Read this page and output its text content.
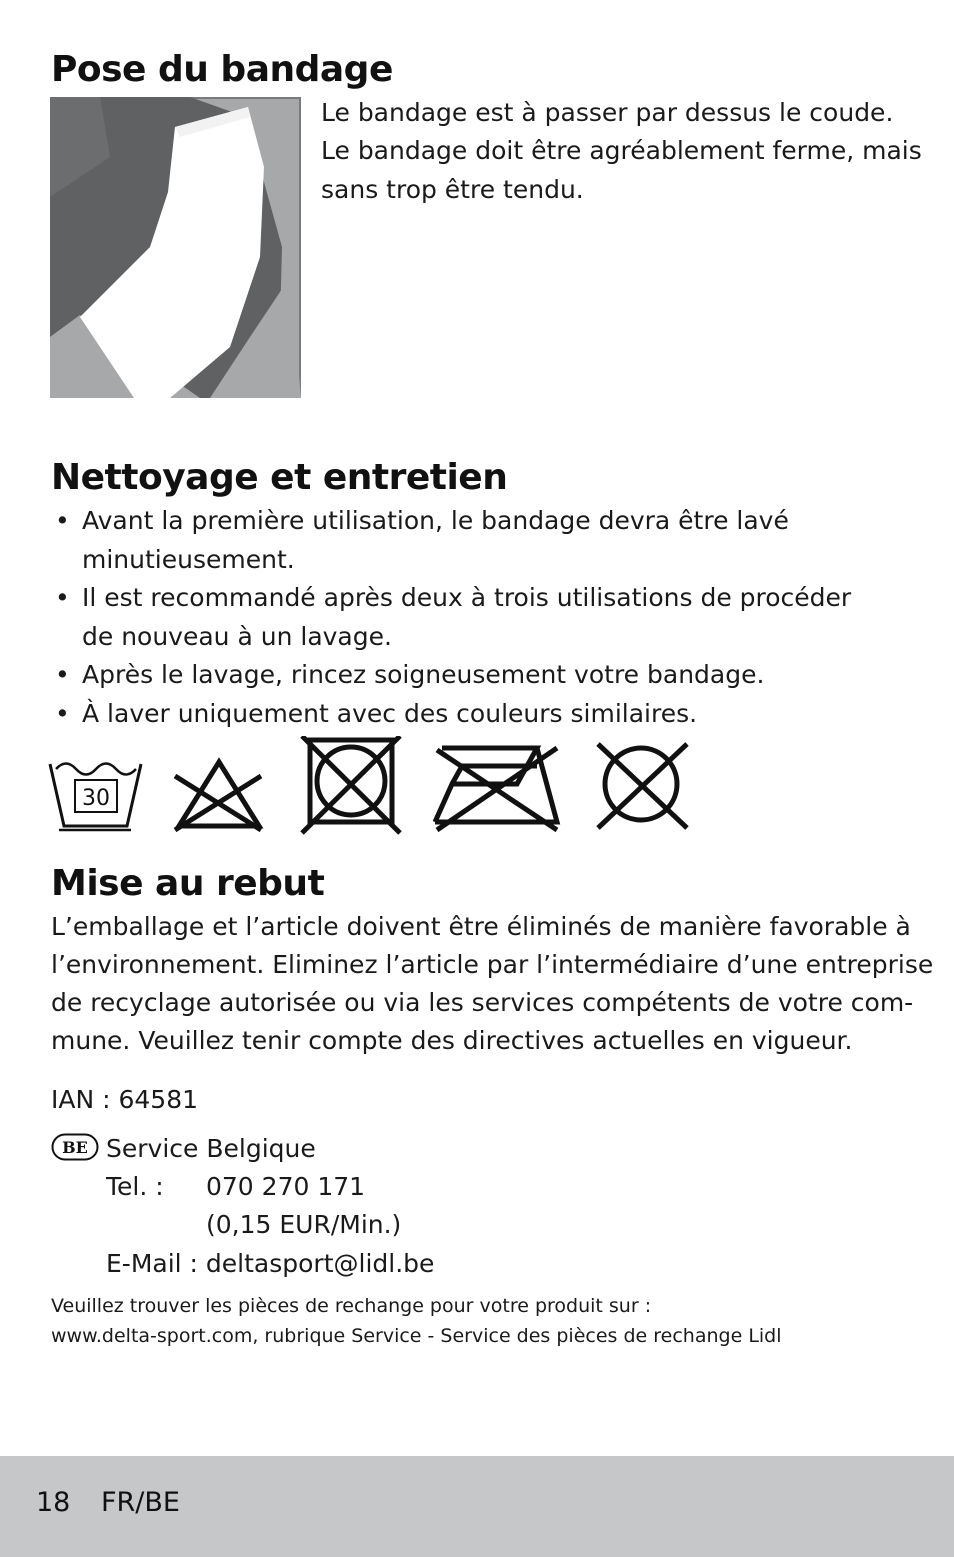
Pose du bandage
Le bandage est à passer par dessus le coude.
Le bandage doit être agréablement ferme, mais
sans trop être tendu.
Nettoyage et entretien
• Avant la première utilisation, le bandage devra être lavé
minutieusement.
• Il est recommandé après deux à trois utilisations de procéder
de nouveau à un lavage.
• Après le lavage, rincez soigneusement votre bandage.
• À laver uniquement avec des couleurs similaires.
30
Mise au rebut
L’emballage et l’article doivent être éliminés de manière favorable à
l’environnement. Eliminez l’article par l’intermédiaire d’une entreprise
de recyclage autorisée ou via les services compétents de votre com-
mune. Veuillez tenir compte des directives actuelles en vigueur.
IAN : 64581
BE Service Belgique
Tel. : 070 270 171
(0,15 EUR/Min.)
E-Mail : deltasport@lidl.be
Veuillez trouver les pièces de rechange pour votre produit sur :
www.delta-sport.com, rubrique Service - Service des pièces de rechange Lidl
18 FR/BE
